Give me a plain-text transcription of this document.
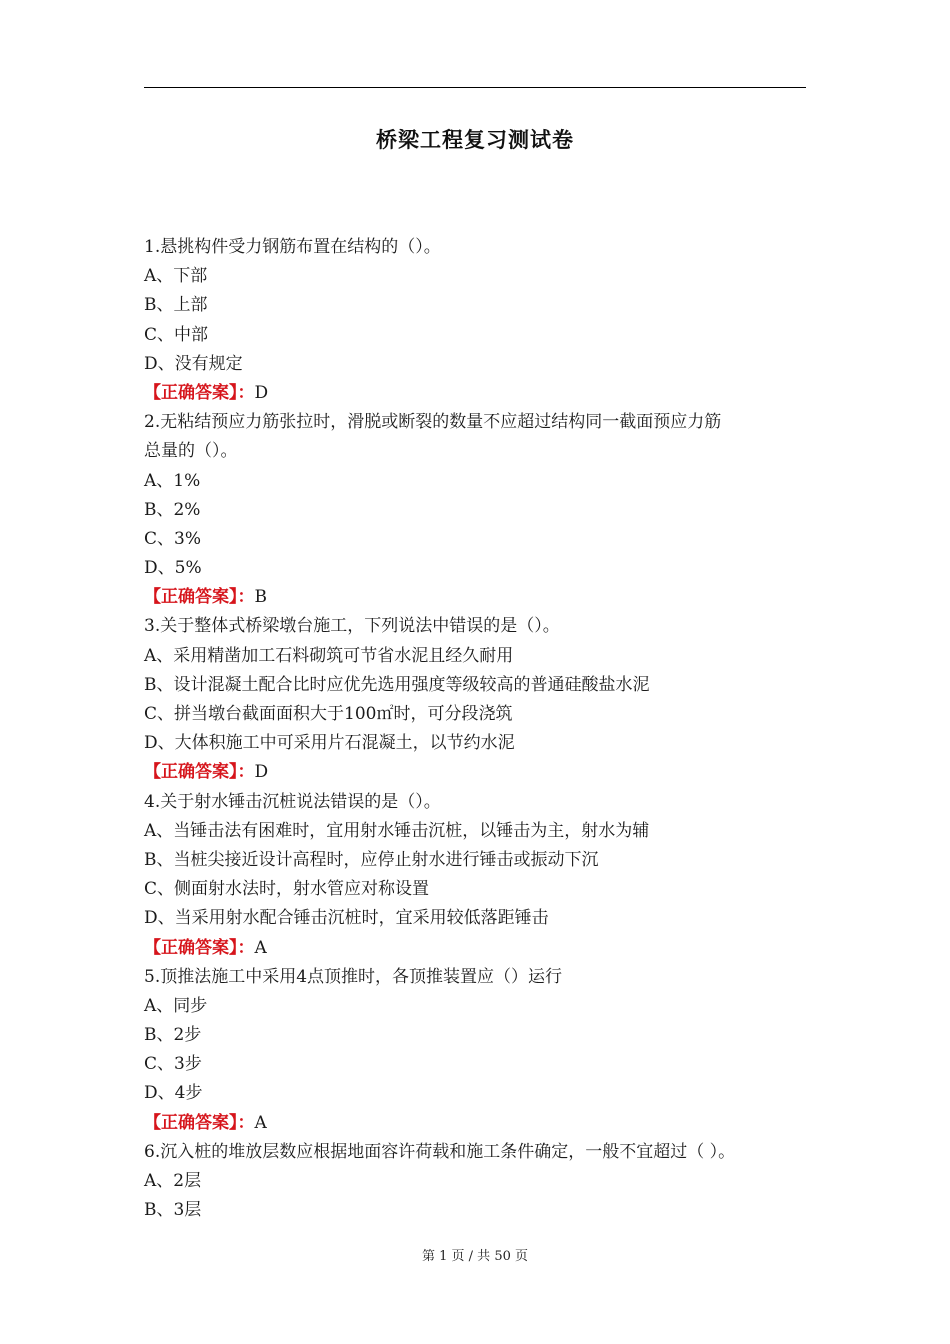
桥梁工程复习测试卷
1.悬挑构件受力钢筋布置在结构的（）。
A、下部
B、上部
C、中部
D、没有规定
【正确答案】：D
2.无粘结预应力筋张拉时，滑脱或断裂的数量不应超过结构同一截面预应力筋
总量的（）。
A、1%
B、2%
C、3%
D、5%
【正确答案】：B
3.关于整体式桥梁墩台施工，下列说法中错误的是（）。
A、采用精凿加工石料砌筑可节省水泥且经久耐用
B、设计混凝土配合比时应优先选用强度等级较高的普通硅酸盐水泥
C、拼当墩台截面面积大于100㎡时，可分段浇筑
D、大体积施工中可采用片石混凝土，以节约水泥
【正确答案】：D
4.关于射水锤击沉桩说法错误的是（）。
A、当锤击法有困难时，宜用射水锤击沉桩，以锤击为主，射水为辅
B、当桩尖接近设计高程时，应停止射水进行锤击或振动下沉
C、侧面射水法时，射水管应对称设置
D、当采用射水配合锤击沉桩时，宜采用较低落距锤击
【正确答案】：A
5.顶推法施工中采用4点顶推时，各顶推装置应（）运行
A、同步
B、2步
C、3步
D、4步
【正确答案】：A
6.沉入桩的堆放层数应根据地面容许荷载和施工条件确定，一般不宜超过（ ）。
A、2层
B、3层
第 1 页 / 共 50 页
